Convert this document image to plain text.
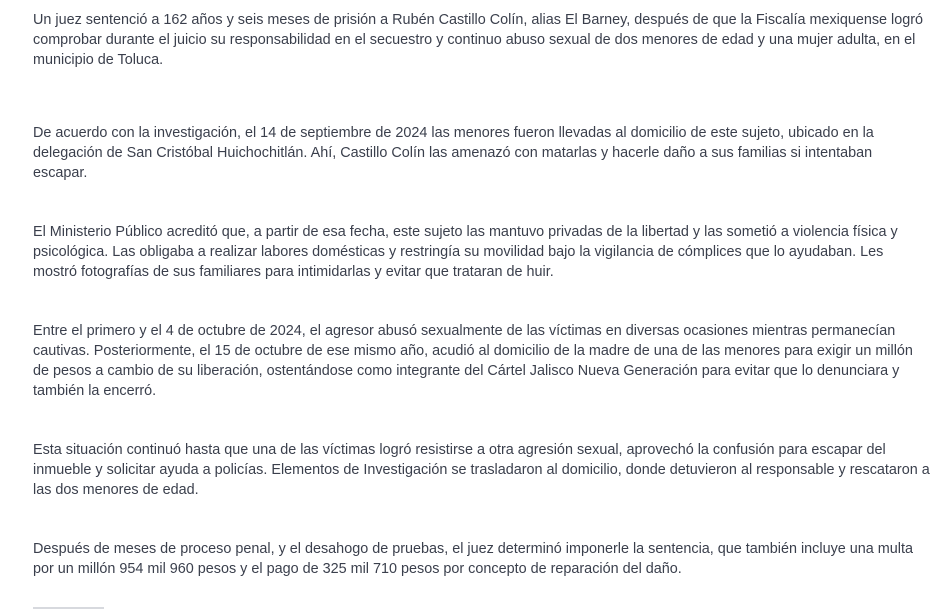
Un juez sentenció a 162 años y seis meses de prisión a Rubén Castillo Colín, alias El Barney, después de que la Fiscalía mexiquense logró comprobar durante el juicio su responsabilidad en el secuestro y continuo abuso sexual de dos menores de edad y una mujer adulta, en el municipio de Toluca.

De acuerdo con la investigación, el 14 de septiembre de 2024 las menores fueron llevadas al domicilio de este sujeto, ubicado en la delegación de San Cristóbal Huichochitlán. Ahí, Castillo Colín las amenazó con matarlas y hacerle daño a sus familias si intentaban escapar.

El Ministerio Público acreditó que, a partir de esa fecha, este sujeto las mantuvo privadas de la libertad y las sometió a violencia física y psicológica. Las obligaba a realizar labores domésticas y restringía su movilidad bajo la vigilancia de cómplices que lo ayudaban. Les mostró fotografías de sus familiares para intimidarlas y evitar que trataran de huir.

Entre el primero y el 4 de octubre de 2024, el agresor abusó sexualmente de las víctimas en diversas ocasiones mientras permanecían cautivas. Posteriormente, el 15 de octubre de ese mismo año, acudió al domicilio de la madre de una de las menores para exigir un millón de pesos a cambio de su liberación, ostentándose como integrante del Cártel Jalisco Nueva Generación para evitar que lo denunciara y también la encerró.

Esta situación continuó hasta que una de las víctimas logró resistirse a otra agresión sexual, aprovechó la confusión para escapar del inmueble y solicitar ayuda a policías. Elementos de Investigación se trasladaron al domicilio, donde detuvieron al responsable y rescataron a las dos menores de edad.

Después de meses de proceso penal, y el desahogo de pruebas, el juez determinó imponerle la sentencia, que también incluye una multa por un millón 954 mil 960 pesos y el pago de 325 mil 710 pesos por concepto de reparación del daño.
